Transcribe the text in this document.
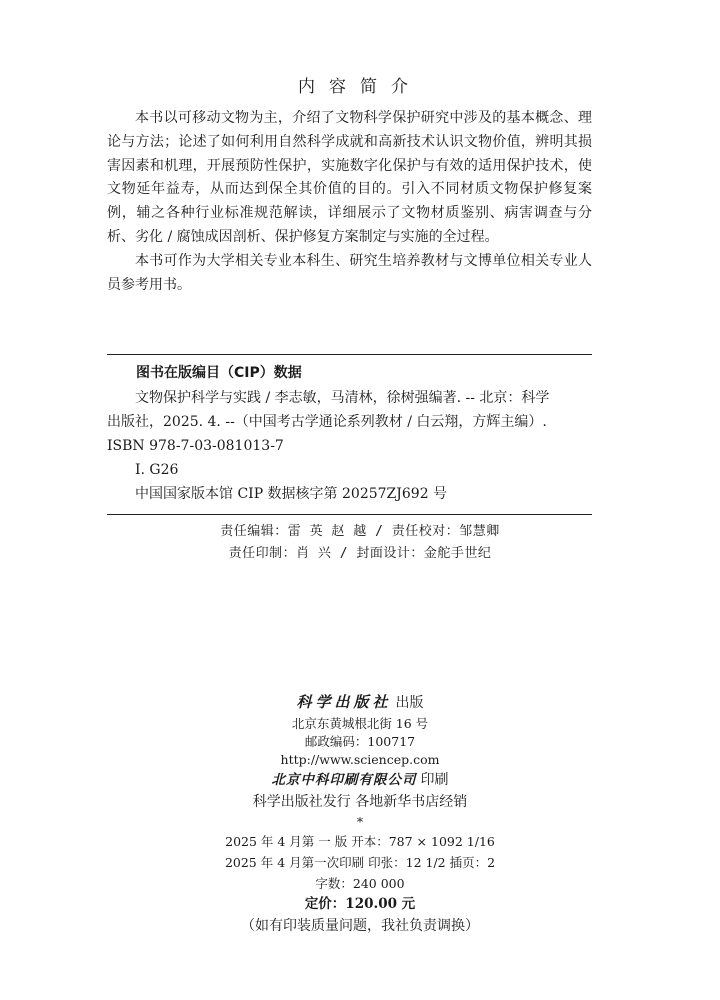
内容简介

本书以可移动文物为主，介绍了文物科学保护研究中涉及的基本概念、理论与方法；论述了如何利用自然科学成就和高新技术认识文物价值，辨明其损害因素和机理，开展预防性保护，实施数字化保护与有效的适用保护技术，使文物延年益寿，从而达到保全其价值的目的。引入不同材质文物保护修复案例，辅之各种行业标准规范解读，详细展示了文物材质鉴别、病害调查与分析、劣化 / 腐蚀成因剖析、保护修复方案制定与实施的全过程。

本书可作为大学相关专业本科生、研究生培养教材与文博单位相关专业人员参考用书。

图书在版编目（CIP）数据
文物保护科学与实践 / 李志敏，马清林，徐树强编著. -- 北京：科学
出版社，2025. 4. --（中国考古学通论系列教材 / 白云翔，方辉主编）.
ISBN 978-7-03-081013-7
Ⅰ. G26
中国国家版本馆 CIP 数据核字第 20257ZJ692 号
责任编辑：雷 英 赵 越 / 责任校对：邹慧卿
责任印制：肖 兴 / 封面设计：金舵手世纪
科学出版社 出版
北京东黄城根北街 16 号
邮政编码：100717
http://www.sciencep.com
北京中科印刷有限公司 印刷
科学出版社发行 各地新华书店经销
*
2025 年 4 月第 一 版 开本：787 × 1092 1/16
2025 年 4 月第一次印刷 印张：12 1/2 插页：2
字数：240 000
定价：120.00 元
（如有印装质量问题，我社负责调换）
